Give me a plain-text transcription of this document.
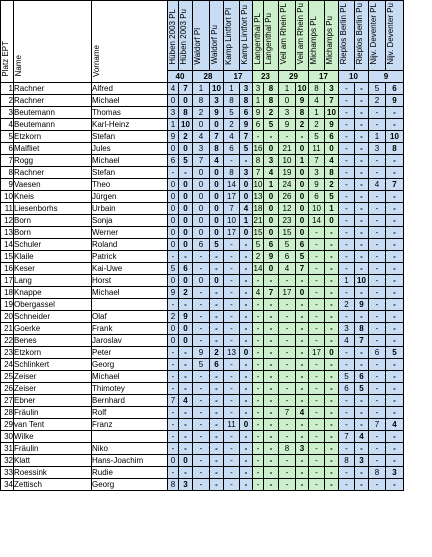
Platz EPT	Name	Vorname	Hüben 2003 PL	Hüben 2003 Pu	Waldorf Pl	Waldorf Pu	Kamp Lintfort Pl	Kamp Lintfort Pu	Langenthal PL	Langenthal Pu	Veil am Rhein PL	Veil am Rhein Pu	Michamps PL	Michamps Pu	Rieplos Berlin PL	Rieplos Berlin Pu	Nijv. Deventer PL	Nijv. Deventer Pu
			40		28		17		23		29		17		10		9	
1	Rachner	Alfred	4	7	1	10	1	3	3	8	1	10	8	3	-	-	5	6
2	Rachner	Michael	0	0	8	3	8	8	1	8	0	9	4	7	-	-	2	9
3	Beutemann	Thomas	3	8	2	9	5	6	9	2	3	8	1	10	-	-	-	-
4	Beutemann	Karl-Heinz	1	10	0	0	2	9	6	5	9	2	2	9	-	-	-	-
5	Etzkorn	Stefan	9	2	4	7	4	7	-	-	-	-	5	6	-	-	1	10
6	Malfliet	Jules	0	0	3	8	6	5	16	0	21	0	11	0	-	-	3	8
7	Rogg	Michael	6	5	7	4	-	-	8	3	10	1	7	4	-	-	-	-
8	Rachner	Stefan	-	-	0	0	8	3	7	4	19	0	3	8	-	-	-	-
9	Vaesen	Theo	0	0	0	0	14	0	10	1	24	0	9	2	-	-	4	7
10	Kneis	Jürgen	0	0	0	0	17	0	13	0	26	0	6	5	-	-	-	-
11	Liesenborhs	Urbain	0	0	0	0	7	4	18	0	12	0	10	1	-	-	-	-
12	Born	Sonja	0	0	0	0	10	1	21	0	23	0	14	0	-	-	-	-
13	Born	Werner	0	0	0	0	17	0	15	0	15	0	-	-	-	-	-	-
14	Schuler	Roland	0	0	6	5	-	-	5	6	5	6	-	-	-	-	-	-
15	Klaile	Patrick	-	-	-	-	-	-	2	9	6	5	-	-	-	-	-	-
16	Keser	Kai-Uwe	5	6	-	-	-	-	14	0	4	7	-	-	-	-	-	-
17	Lang	Horst	0	0	0	0	-	-	-	-	-	-	-	-	1	10	-	-
18	Knappe	Michael	9	2	-	-	-	-	4	7	17	0	-	-	-	-	-	-
19	Obergassel		-	-	-	-	-	-	-	-	-	-	-	-	2	9	-	-
20	Schneider	Olaf	2	9	-	-	-	-	-	-	-	-	-	-	-	-	-	-
21	Goerke	Frank	0	0	-	-	-	-	-	-	-	-	-	-	3	8	-	-
22	Benes	Jaroslav	0	0	-	-	-	-	-	-	-	-	-	-	4	7	-	-
23	Etzkorn	Peter	-	-	9	2	13	0	-	-	-	-	17	0	-	-	6	5
24	Schlinkert	Georg	-	-	5	6	-	-	-	-	-	-	-	-	-	-	-	-
25	Zeiser	Michael	-	-	-	-	-	-	-	-	-	-	-	-	5	6	-	-
26	Zeiser	Thimotey	-	-	-	-	-	-	-	-	-	-	-	-	6	5	-	-
27	Ebner	Bernhard	7	4	-	-	-	-	-	-	-	-	-	-	-	-	-	-
28	Fräulin	Rolf	-	-	-	-	-	-	-	-	7	4	-	-	-	-	-	-
29	van Tent	Franz	-	-	-	-	11	0	-	-	-	-	-	-	-	-	7	4
30	Wilke		-	-	-	-	-	-	-	-	-	-	-	-	7	4	-	-
31	Fräulin	Niko	-	-	-	-	-	-	-	-	8	3	-	-	-	-	-	-
32	Klatt	Hans-Joachim	0	0	-	-	-	-	-	-	-	-	-	-	8	3	-	-
33	Roessink	Rudie	-	-	-	-	-	-	-	-	-	-	-	-	-	-	8	3
34	Zettisch	Georg	8	3	-	-	-	-	-	-	-	-	-	-	-	-	-	-
